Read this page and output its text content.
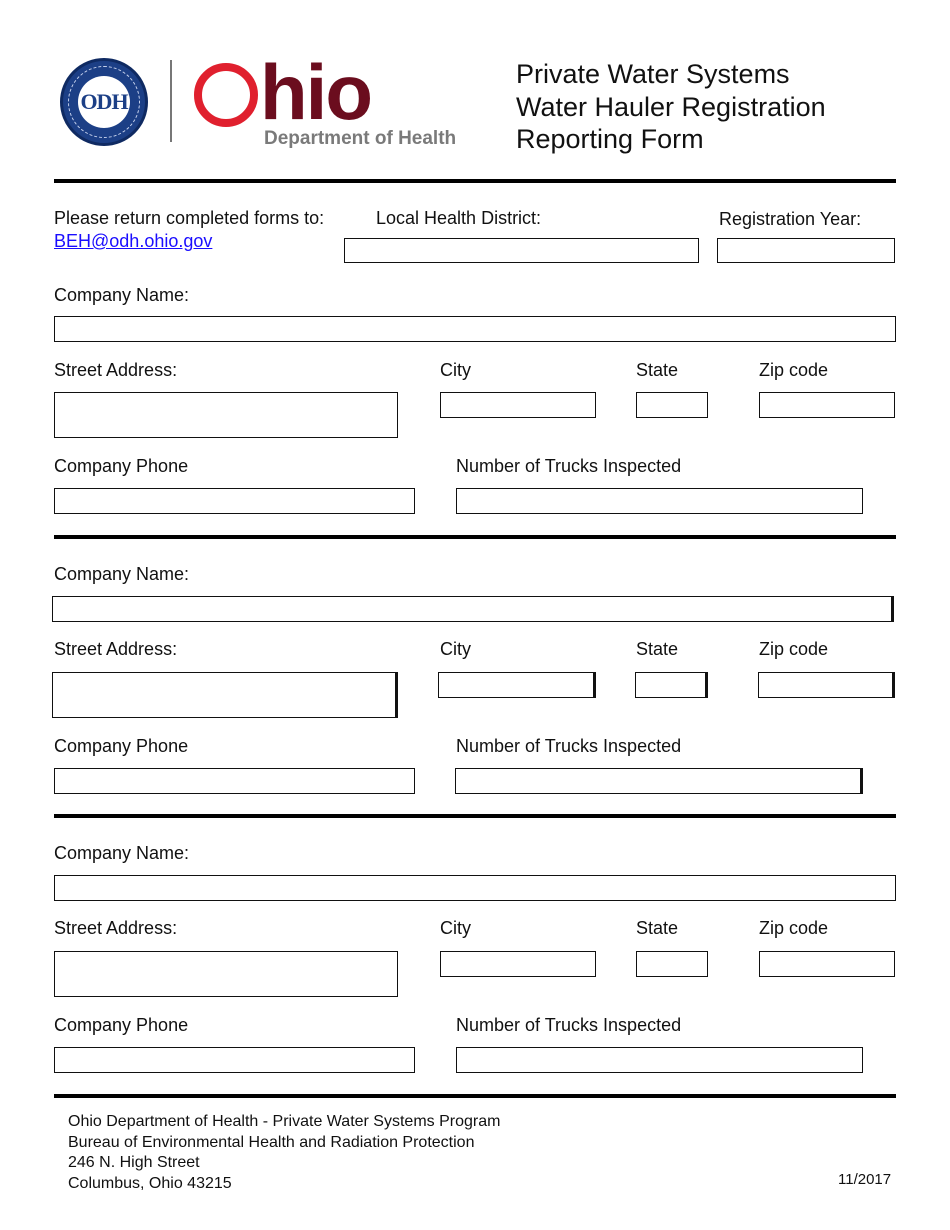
ODH hio
Department of Health
Private Water Systems
Water Hauler Registration
Reporting Form
Please return completed forms to:
BEH@odh.ohio.gov
Local Health District:	Registration Year:
Company Name:
Street Address:	City	State	Zip code
Company Phone	Number of Trucks Inspected
Company Name:
Street Address:	City	State	Zip code
Company Phone	Number of Trucks Inspected
Company Name:
Street Address:	City	State	Zip code
Company Phone	Number of Trucks Inspected
Ohio Department of Health - Private Water Systems Program
Bureau of Environmental Health and Radiation Protection
246 N. High Street
Columbus, Ohio 43215	11/2017
